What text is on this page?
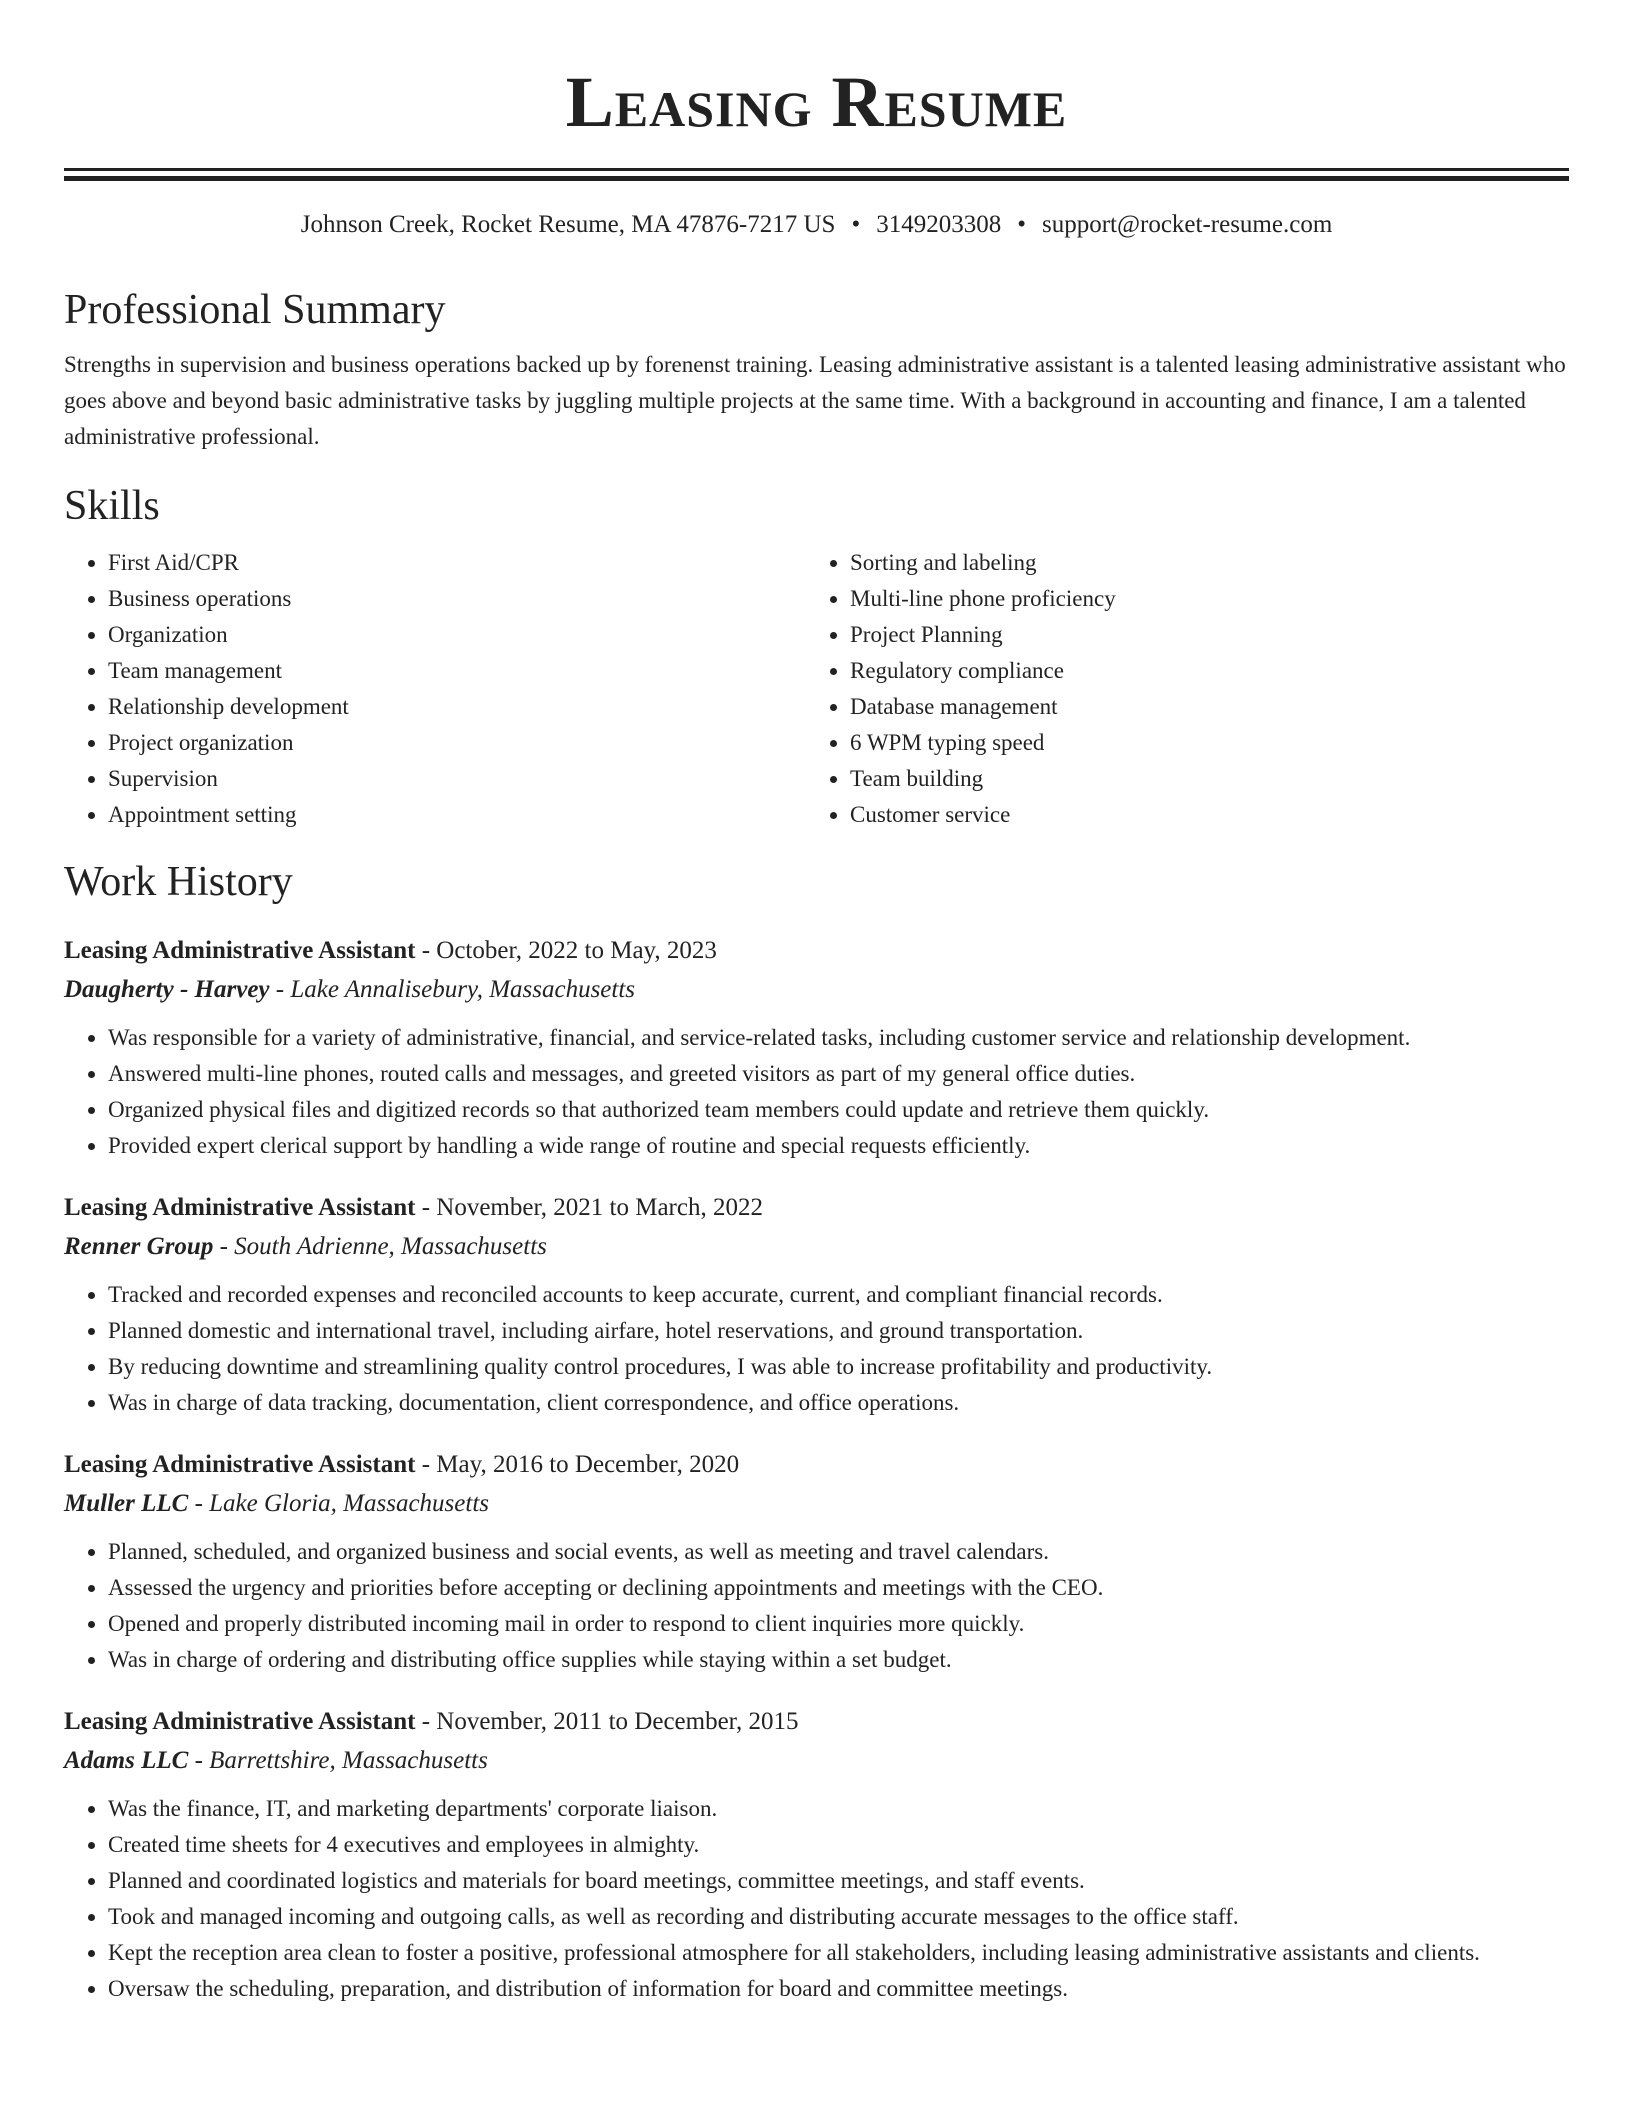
Leasing Resume
Johnson Creek, Rocket Resume, MA 47876-7217 US • 3149203308 • support@rocket-resume.com
Professional Summary
Strengths in supervision and business operations backed up by forenenst training. Leasing administrative assistant is a talented leasing administrative assistant who goes above and beyond basic administrative tasks by juggling multiple projects at the same time. With a background in accounting and finance, I am a talented administrative professional.
Skills
• First Aid/CPR
• Business operations
• Organization
• Team management
• Relationship development
• Project organization
• Supervision
• Appointment setting
• Sorting and labeling
• Multi-line phone proficiency
• Project Planning
• Regulatory compliance
• Database management
• 6 WPM typing speed
• Team building
• Customer service
Work History
Leasing Administrative Assistant - October, 2022 to May, 2023
Daugherty - Harvey - Lake Annalisebury, Massachusetts
• Was responsible for a variety of administrative, financial, and service-related tasks, including customer service and relationship development.
• Answered multi-line phones, routed calls and messages, and greeted visitors as part of my general office duties.
• Organized physical files and digitized records so that authorized team members could update and retrieve them quickly.
• Provided expert clerical support by handling a wide range of routine and special requests efficiently.
Leasing Administrative Assistant - November, 2021 to March, 2022
Renner Group - South Adrienne, Massachusetts
• Tracked and recorded expenses and reconciled accounts to keep accurate, current, and compliant financial records.
• Planned domestic and international travel, including airfare, hotel reservations, and ground transportation.
• By reducing downtime and streamlining quality control procedures, I was able to increase profitability and productivity.
• Was in charge of data tracking, documentation, client correspondence, and office operations.
Leasing Administrative Assistant - May, 2016 to December, 2020
Muller LLC - Lake Gloria, Massachusetts
• Planned, scheduled, and organized business and social events, as well as meeting and travel calendars.
• Assessed the urgency and priorities before accepting or declining appointments and meetings with the CEO.
• Opened and properly distributed incoming mail in order to respond to client inquiries more quickly.
• Was in charge of ordering and distributing office supplies while staying within a set budget.
Leasing Administrative Assistant - November, 2011 to December, 2015
Adams LLC - Barrettshire, Massachusetts
• Was the finance, IT, and marketing departments' corporate liaison.
• Created time sheets for 4 executives and employees in almighty.
• Planned and coordinated logistics and materials for board meetings, committee meetings, and staff events.
• Took and managed incoming and outgoing calls, as well as recording and distributing accurate messages to the office staff.
• Kept the reception area clean to foster a positive, professional atmosphere for all stakeholders, including leasing administrative assistants and clients.
• Oversaw the scheduling, preparation, and distribution of information for board and committee meetings.
